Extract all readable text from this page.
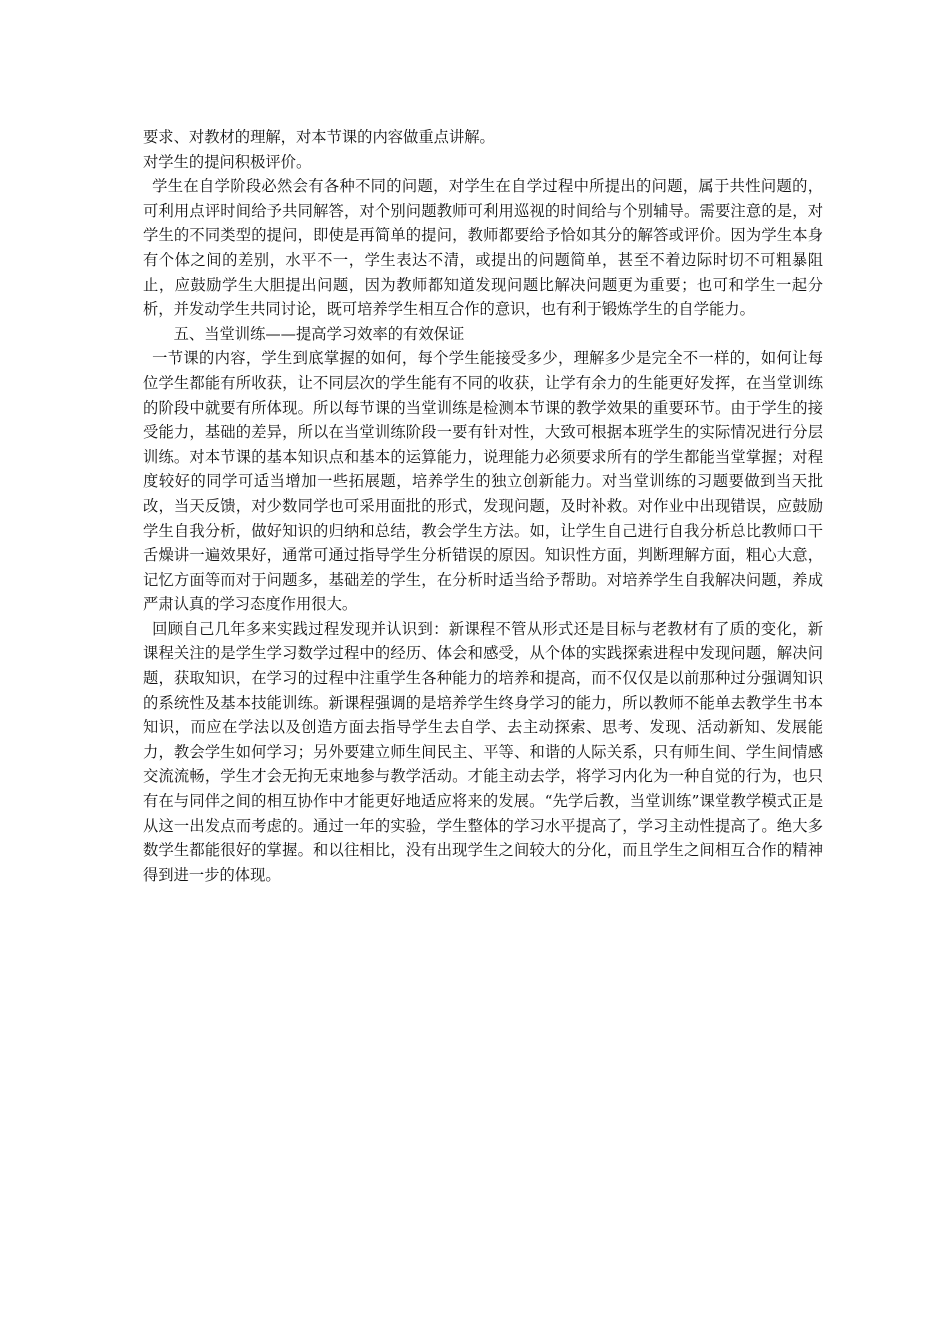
要求、对教材的理解，对本节课的内容做重点讲解。

对学生的提问积极评价。

学生在自学阶段必然会有各种不同的问题，对学生在自学过程中所提出的问题，属于共性问题的，可利用点评时间给予共同解答，对个别问题教师可利用巡视的时间给与个别辅导。需要注意的是，对学生的不同类型的提问，即使是再简单的提问，教师都要给予恰如其分的解答或评价。因为学生本身有个体之间的差别，水平不一，学生表达不清，或提出的问题简单，甚至不着边际时切不可粗暴阻止，应鼓励学生大胆提出问题，因为教师都知道发现问题比解决问题更为重要；也可和学生一起分析，并发动学生共同讨论，既可培养学生相互合作的意识，也有利于锻炼学生的自学能力。

五、当堂训练——提高学习效率的有效保证

一节课的内容，学生到底掌握的如何，每个学生能接受多少，理解多少是完全不一样的，如何让每位学生都能有所收获，让不同层次的学生能有不同的收获，让学有余力的生能更好发挥，在当堂训练的阶段中就要有所体现。所以每节课的当堂训练是检测本节课的教学效果的重要环节。由于学生的接受能力，基础的差异，所以在当堂训练阶段一要有针对性，大致可根据本班学生的实际情况进行分层训练。对本节课的基本知识点和基本的运算能力，说理能力必须要求所有的学生都能当堂掌握；对程度较好的同学可适当增加一些拓展题，培养学生的独立创新能力。对当堂训练的习题要做到当天批改，当天反馈，对少数同学也可采用面批的形式，发现问题，及时补救。对作业中出现错误，应鼓励学生自我分析，做好知识的归纳和总结，教会学生方法。如，让学生自己进行自我分析总比教师口干舌燥讲一遍效果好，通常可通过指导学生分析错误的原因。知识性方面，判断理解方面，粗心大意，记忆方面等而对于问题多，基础差的学生，在分析时适当给予帮助。对培养学生自我解决问题，养成严肃认真的学习态度作用很大。

回顾自己几年多来实践过程发现并认识到：新课程不管从形式还是目标与老教材有了质的变化，新课程关注的是学生学习数学过程中的经历、体会和感受，从个体的实践探索进程中发现问题，解决问题，获取知识，在学习的过程中注重学生各种能力的培养和提高，而不仅仅是以前那种过分强调知识的系统性及基本技能训练。新课程强调的是培养学生终身学习的能力，所以教师不能单去教学生书本知识，而应在学法以及创造方面去指导学生去自学、去主动探索、思考、发现、活动新知、发展能力，教会学生如何学习；另外要建立师生间民主、平等、和谐的人际关系，只有师生间、学生间情感交流流畅，学生才会无拘无束地参与教学活动。才能主动去学，将学习内化为一种自觉的行为，也只有在与同伴之间的相互协作中才能更好地适应将来的发展。“先学后教，当堂训练”课堂教学模式正是从这一出发点而考虑的。通过一年的实验，学生整体的学习水平提高了，学习主动性提高了。绝大多数学生都能很好的掌握。和以往相比，没有出现学生之间较大的分化，而且学生之间相互合作的精神得到进一步的体现。
